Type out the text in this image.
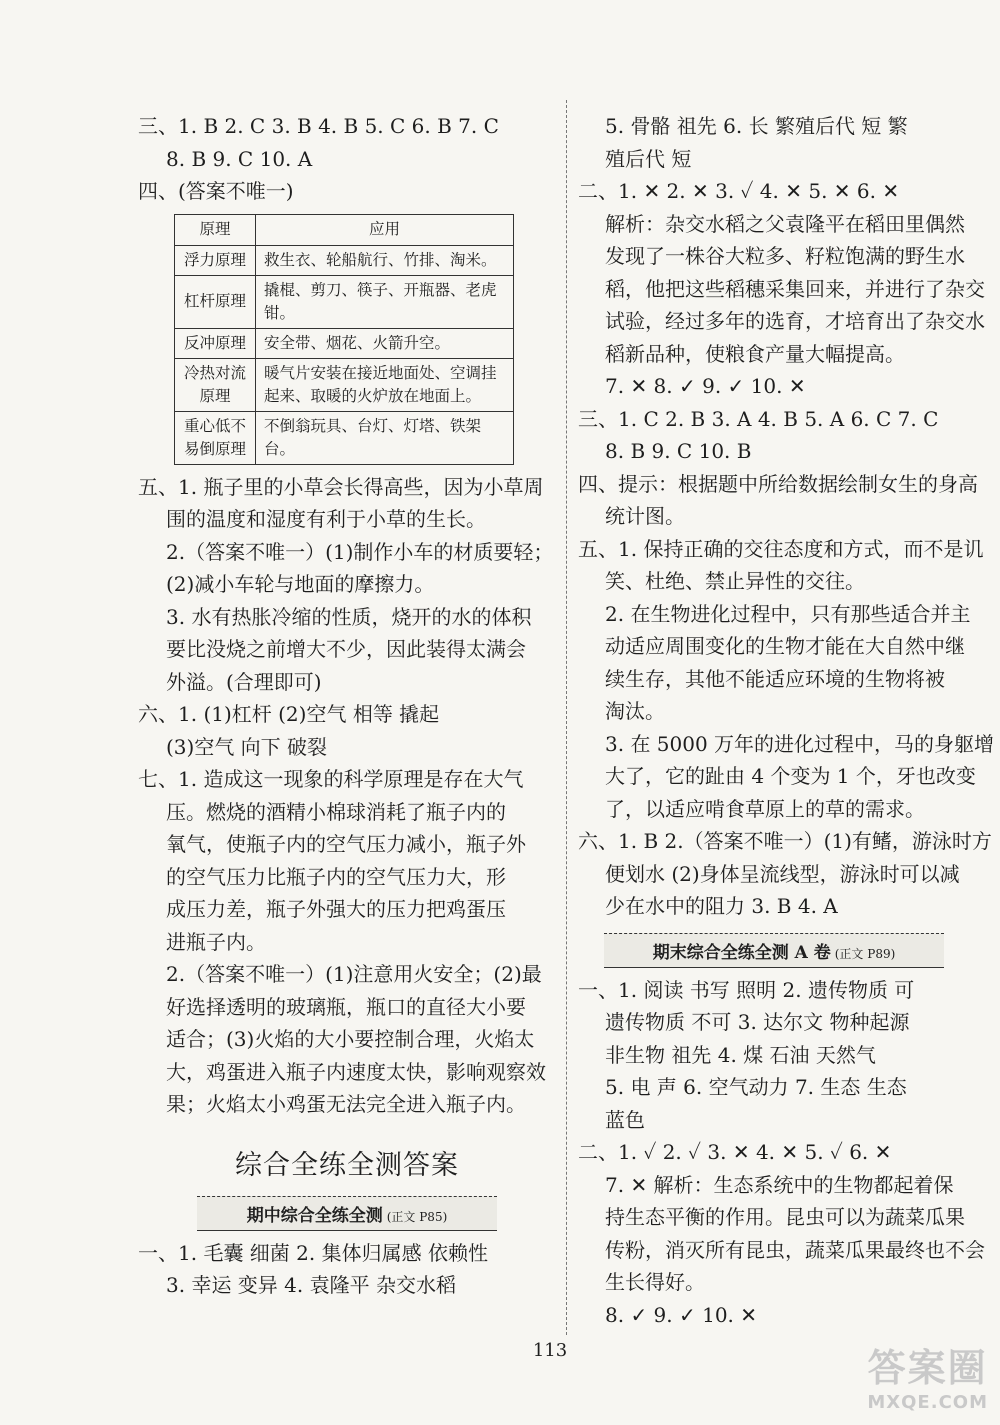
三、1. B 2. C 3. B 4. B 5. C 6. B 7. C
8. B 9. C 10. A
四、(答案不唯一)
原理	应用
浮力原理	救生衣、轮船航行、竹排、淘米。
杠杆原理	撬棍、剪刀、筷子、开瓶器、老虎钳。
反冲原理	安全带、烟花、火箭升空。
冷热对流原理	暖气片安装在接近地面处、空调挂起来、取暖的火炉放在地面上。
重心低不易倒原理	不倒翁玩具、台灯、灯塔、铁架台。
五、1. 瓶子里的小草会长得高些，因为小草周
围的温度和湿度有利于小草的生长。
2.（答案不唯一）(1)制作小车的材质要轻；
(2)减小车轮与地面的摩擦力。
3. 水有热胀冷缩的性质，烧开的水的体积
要比没烧之前增大不少，因此装得太满会
外溢。(合理即可)
六、1. (1)杠杆 (2)空气 相等 撬起
(3)空气 向下 破裂
七、1. 造成这一现象的科学原理是存在大气
压。燃烧的酒精小棉球消耗了瓶子内的
氧气，使瓶子内的空气压力减小，瓶子外
的空气压力比瓶子内的空气压力大，形
成压力差，瓶子外强大的压力把鸡蛋压
进瓶子内。
2.（答案不唯一）(1)注意用火安全；(2)最
好选择透明的玻璃瓶，瓶口的直径大小要
适合；(3)火焰的大小要控制合理，火焰太
大，鸡蛋进入瓶子内速度太快，影响观察效
果；火焰太小鸡蛋无法完全进入瓶子内。
综合全练全测答案
期中综合全练全测 (正文 P85)
一、1. 毛囊 细菌 2. 集体归属感 依赖性
3. 幸运 变异 4. 袁隆平 杂交水稻
5. 骨骼 祖先 6. 长 繁殖后代 短 繁
殖后代 短
二、1. ✕ 2. ✕ 3. ✓ 4. ✕ 5. ✕ 6. ✕
解析：杂交水稻之父袁隆平在稻田里偶然
发现了一株谷大粒多、籽粒饱满的野生水
稻，他把这些稻穗采集回来，并进行了杂交
试验，经过多年的选育，才培育出了杂交水
稻新品种，使粮食产量大幅提高。
7. ✕ 8. ✓ 9. ✓ 10. ✕
三、1. C 2. B 3. A 4. B 5. A 6. C 7. C
8. B 9. C 10. B
四、提示：根据题中所给数据绘制女生的身高
统计图。
五、1. 保持正确的交往态度和方式，而不是讥
笑、杜绝、禁止异性的交往。
2. 在生物进化过程中，只有那些适合并主
动适应周围变化的生物才能在大自然中继
续生存，其他不能适应环境的生物将被
淘汰。
3. 在 5000 万年的进化过程中，马的身躯增
大了，它的趾由 4 个变为 1 个，牙也改变
了，以适应啃食草原上的草的需求。
六、1. B 2.（答案不唯一）(1)有鳍，游泳时方
便划水 (2)身体呈流线型，游泳时可以减
少在水中的阻力 3. B 4. A
期末综合全练全测 A 卷 (正文 P89)
一、1. 阅读 书写 照明 2. 遗传物质 可
遗传物质 不可 3. 达尔文 物种起源
非生物 祖先 4. 煤 石油 天然气
5. 电 声 6. 空气动力 7. 生态 生态
蓝色
二、1. ✓ 2. ✓ 3. ✕ 4. ✕ 5. ✓ 6. ✕
7. ✕ 解析：生态系统中的生物都起着保
持生态平衡的作用。昆虫可以为蔬菜瓜果
传粉，消灭所有昆虫，蔬菜瓜果最终也不会
生长得好。
8. ✓ 9. ✓ 10. ✕
113	答案圈
MXQE.COM
